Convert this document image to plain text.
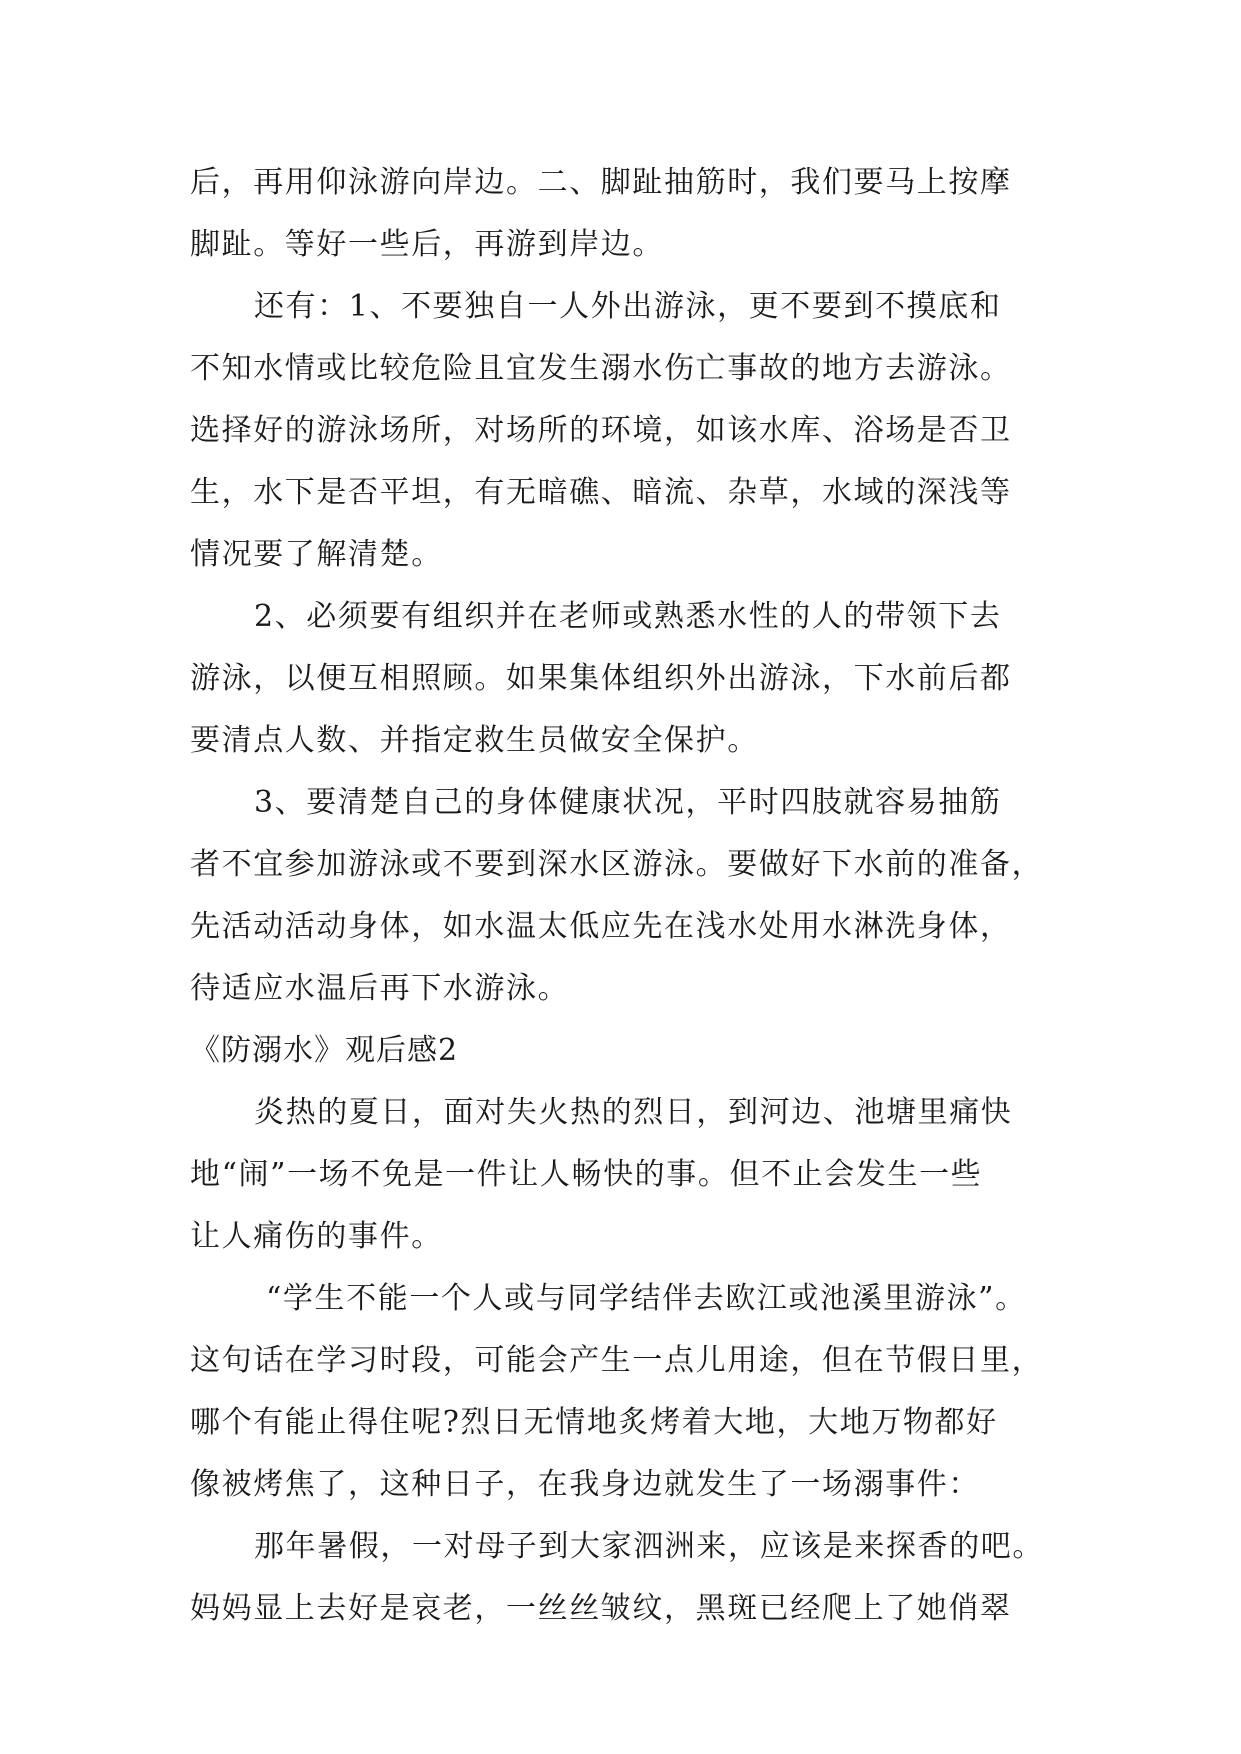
后，再用仰泳游向岸边。二、脚趾抽筋时，我们要马上按摩
脚趾。等好一些后，再游到岸边。
还有：1、不要独自一人外出游泳，更不要到不摸底和
不知水情或比较危险且宜发生溺水伤亡事故的地方去游泳。
选择好的游泳场所，对场所的环境，如该水库、浴场是否卫
生，水下是否平坦，有无暗礁、暗流、杂草，水域的深浅等
情况要了解清楚。
2、必须要有组织并在老师或熟悉水性的人的带领下去
游泳，以便互相照顾。如果集体组织外出游泳，下水前后都
要清点人数、并指定救生员做安全保护。
3、要清楚自己的身体健康状况，平时四肢就容易抽筋
者不宜参加游泳或不要到深水区游泳。要做好下水前的准备，
先活动活动身体，如水温太低应先在浅水处用水淋洗身体，
待适应水温后再下水游泳。
《防溺水》观后感2
炎热的夏日，面对失火热的烈日，到河边、池塘里痛快
地“闹”一场不免是一件让人畅快的事。但不止会发生一些
让人痛伤的事件。
“学生不能一个人或与同学结伴去欧江或池溪里游泳”。
这句话在学习时段，可能会产生一点儿用途，但在节假日里，
哪个有能止得住呢?烈日无情地炙烤着大地，大地万物都好
像被烤焦了，这种日子，在我身边就发生了一场溺事件：
那年暑假，一对母子到大家泗洲来，应该是来探香的吧。
妈妈显上去好是哀老，一丝丝皱纹，黑斑已经爬上了她俏翠
